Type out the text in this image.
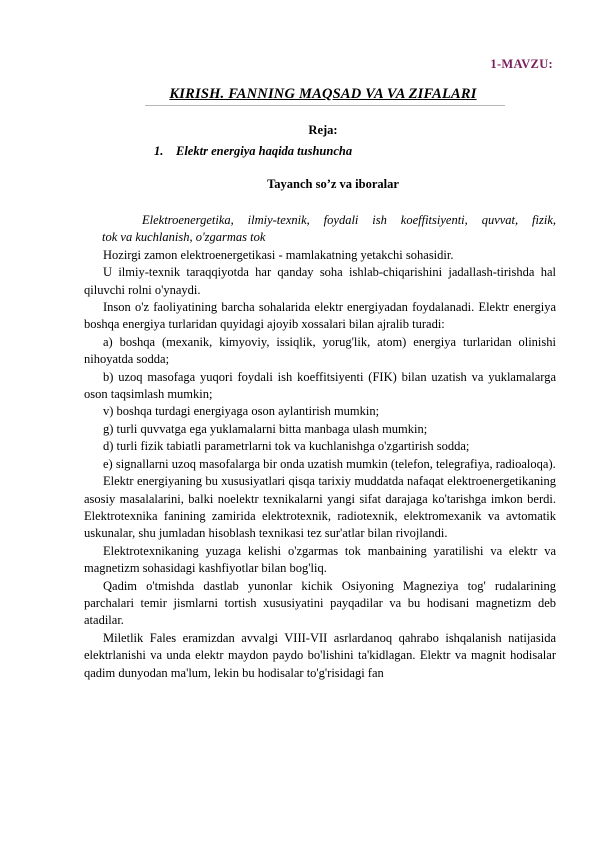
1-MAVZU:
KIRISH. FANNING MAQSAD VA VA ZIFALARI
Reja:
1. Elektr energiya haqida tushuncha
Tayanch so’z va iboralar
Elektroenergetika, ilmiy-texnik, foydali ish koeffitsiyenti, quvvat, fizik,
tok va kuchlanish, o'zgarmas tok

Hozirgi zamon elektroenergetikasi - mamlakatning yetakchi sohasidir.

U ilmiy-texnik taraqqiyotda har qanday soha ishlab-chiqarishini jadallash-tirishda hal qiluvchi rolni o'ynaydi.

Inson o'z faoliyatining barcha sohalarida elektr energiyadan foydalanadi. Elektr energiya boshqa energiya turlaridan quyidagi ajoyib xossalari bilan ajralib turadi:

a) boshqa (mexanik, kimyoviy, issiqlik, yorug'lik, atom) energiya turlaridan olinishi nihoyatda sodda;

b) uzoq masofaga yuqori foydali ish koeffitsiyenti (FIK) bilan uzatish va yuklamalarga oson taqsimlash mumkin;

v) boshqa turdagi energiyaga oson aylantirish mumkin;

g) turli quvvatga ega yuklamalarni bitta manbaga ulash mumkin;

d) turli fizik tabiatli parametrlarni tok va kuchlanishga o'zgartirish sodda;

e) signallarni uzoq masofalarga bir onda uzatish mumkin (telefon, telegrafiya, radioaloqa).

Elektr energiyaning bu xususiyatlari qisqa tarixiy muddatda nafaqat elektroenergetikaning asosiy masalalarini, balki noelektr texnikalarni yangi sifat darajaga ko'tarishga imkon berdi. Elektrotexnika fanining zamirida elektrotexnik, radiotexnik, elektromexanik va avtomatik uskunalar, shu jumladan hisoblash texnikasi tez sur'atlar bilan rivojlandi.

Elektrotexnikaning yuzaga kelishi o'zgarmas tok manbaining yaratilishi va elektr va magnetizm sohasidagi kashfiyotlar bilan bog'liq.

Qadim o'tmishda dastlab yunonlar kichik Osiyoning Magneziya tog' rudalarining parchalari temir jismlarni tortish xususiyatini payqadilar va bu hodisani magnetizm deb atadilar.

Miletlik Fales eramizdan avvalgi VIII-VII asrlardanoq qahrabo ishqalanish natijasida elektrlanishi va unda elektr maydon paydo bo'lishini ta'kidlagan. Elektr va magnit hodisalar qadim dunyodan ma'lum, lekin bu hodisalar to'g'risidagi fan
